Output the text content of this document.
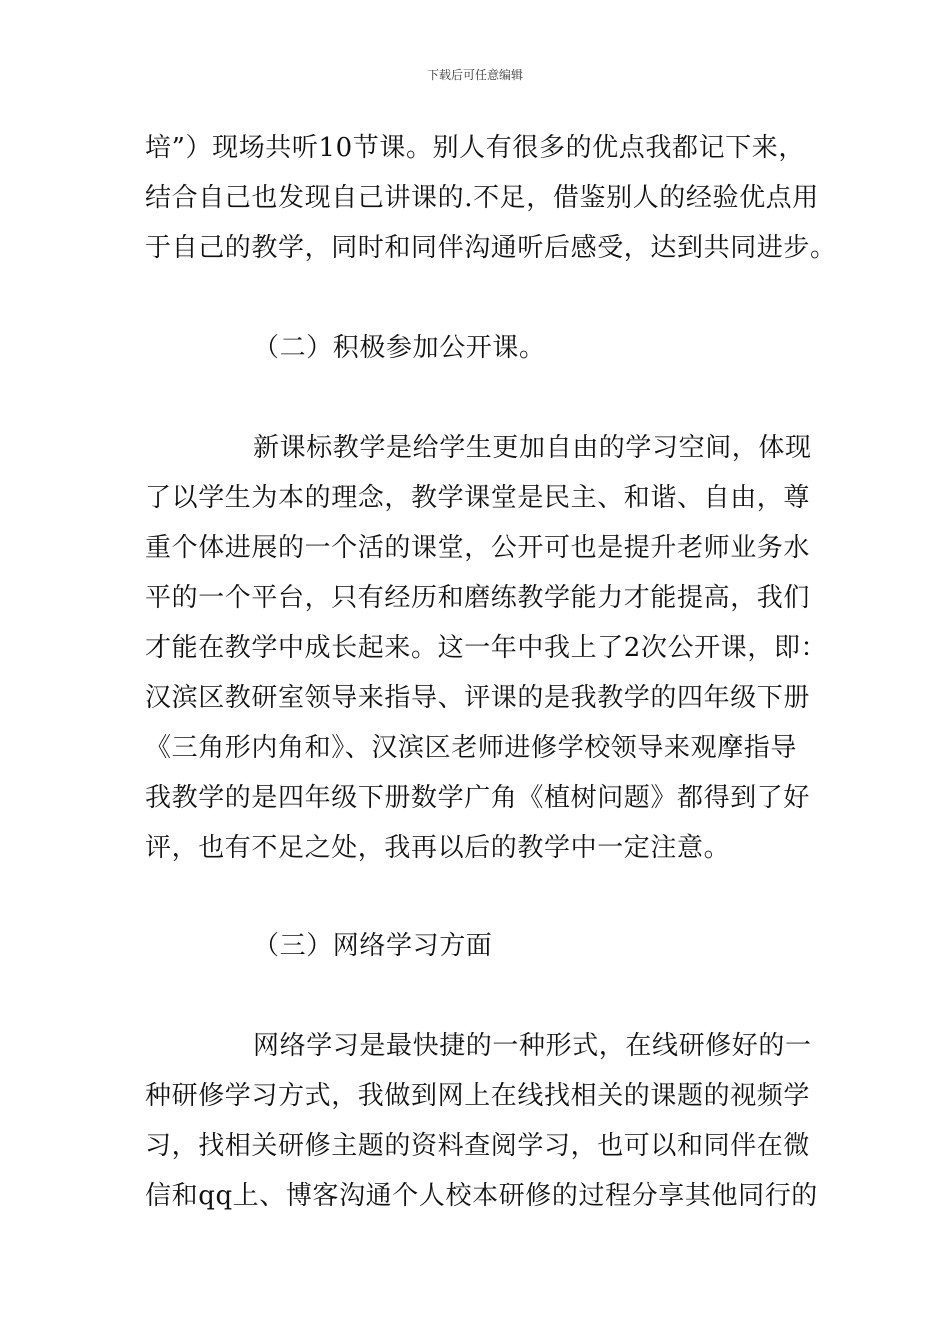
下载后可任意编辑
培”）现场共听10节课。别人有很多的优点我都记下来，
结合自己也发现自己讲课的.不足，借鉴别人的经验优点用
于自己的教学，同时和同伴沟通听后感受，达到共同进步。
（二）积极参加公开课。
新课标教学是给学生更加自由的学习空间，体现
了以学生为本的理念，教学课堂是民主、和谐、自由，尊
重个体进展的一个活的课堂，公开可也是提升老师业务水
平的一个平台，只有经历和磨练教学能力才能提高，我们
才能在教学中成长起来。这一年中我上了2次公开课，即：
汉滨区教研室领导来指导、评课的是我教学的四年级下册
《三角形内角和》、汉滨区老师进修学校领导来观摩指导
我教学的是四年级下册数学广角《植树问题》都得到了好
评，也有不足之处，我再以后的教学中一定注意。
（三）网络学习方面
网络学习是最快捷的一种形式，在线研修好的一
种研修学习方式，我做到网上在线找相关的课题的视频学
习，找相关研修主题的资料查阅学习，也可以和同伴在微
信和qq上、博客沟通个人校本研修的过程分享其他同行的
